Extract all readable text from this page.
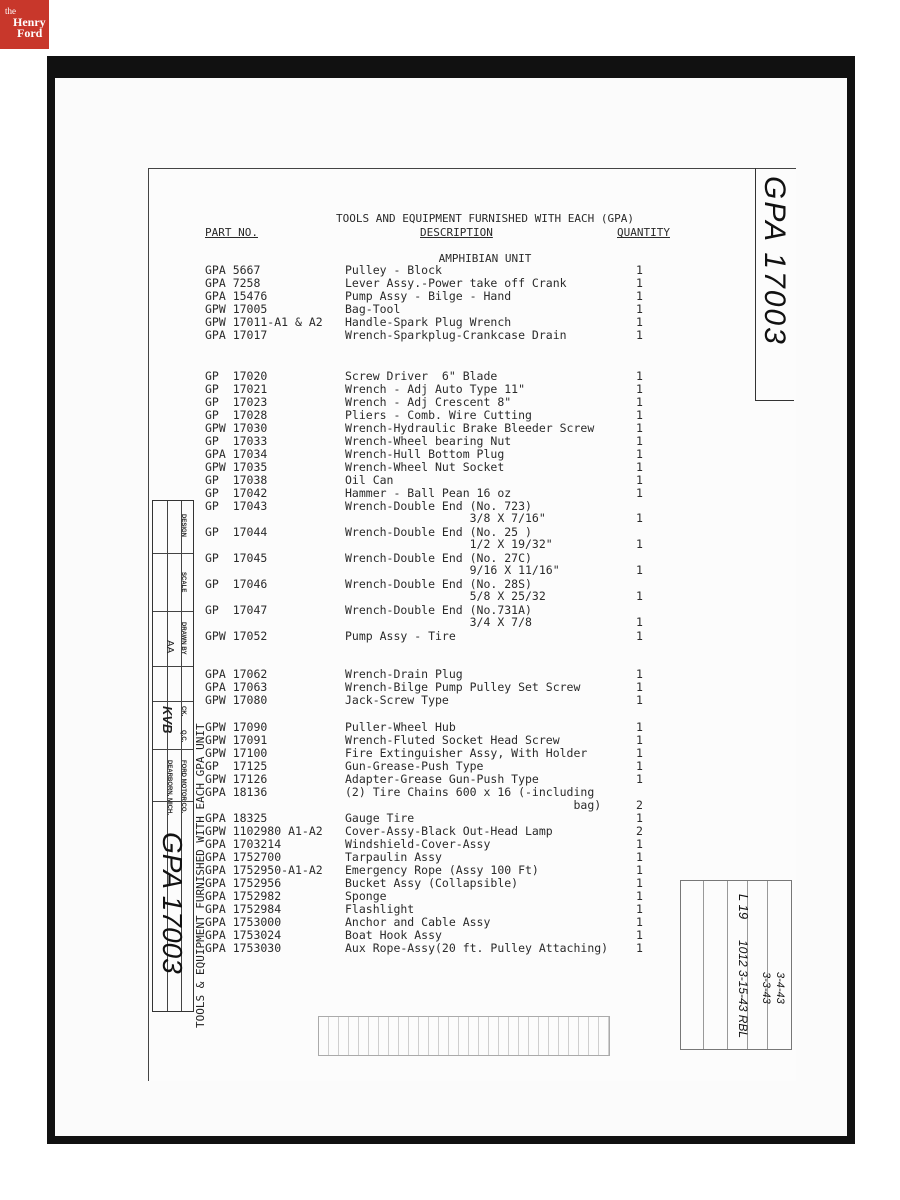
the
Henry
Ford

TOOLS AND EQUIPMENT FURNISHED WITH EACH (GPA)

AMPHIBIAN UNIT

PART NO.	DESCRIPTION	QUANTITY	GPA 17003
GPA 5667	Pulley - Block	1
GPA 7258	Lever Assy.-Power take off Crank	1
GPA 15476	Pump Assy - Bilge - Hand	1
GPW 17005	Bag-Tool	1
GPW 17011-A1 & A2 Handle-Spark Plug Wrench	1
GPA 17017	Wrench-Sparkplug-Crankcase Drain	1
GP  17020	Screw Driver  6" Blade	1
GP  17021	Wrench - Adj Auto Type 11"	1
GP  17023	Wrench - Adj Crescent 8"	1
GP  17028	Pliers - Comb. Wire Cutting	1
GPW 17030	Wrench-Hydraulic Brake Bleeder Screw	1
GP  17033	Wrench-Wheel bearing Nut	1
GPA 17034	Wrench-Hull Bottom Plug	1
GPW 17035	Wrench-Wheel Nut Socket	1
GP  17038	Oil Can	1
GP  17042	Hammer - Ball Pean 16 oz	1
GP  17043	Wrench-Double End (No. 723)
3/8 X 7/16"	1
GP  17044	Wrench-Double End (No. 25 )
1/2 X 19/32"	1
GP  17045	Wrench-Double End (No. 27C)
9/16 X 11/16"	1
GP  17046	Wrench-Double End (No. 28S)
5/8 X 25/32	1
GP  17047	Wrench-Double End (No.731A)
3/4 X 7/8	1
GPW 17052	Pump Assy - Tire	1
GPA 17062	Wrench-Drain Plug	1
GPA 17063	Wrench-Bilge Pump Pulley Set Screw	1
GPW 17080	Jack-Screw Type	1
GPW 17090	Puller-Wheel Hub	1
GPW 17091	Wrench-Fluted Socket Head Screw	1
GPW 17100	Fire Extinguisher Assy, With Holder	1
GP  17125	Gun-Grease-Push Type	1
GPW 17126	Adapter-Grease Gun-Push Type	1
GPA 18136	(2) Tire Chains 600 x 16 (-including
bag)	2
GPA 18325	Gauge Tire	1
GPW 1102980 A1-A2 Cover-Assy-Black Out-Head Lamp	2
GPA 1703214	Windshield-Cover-Assy	1
GPA 1752700	Tarpaulin Assy	1
GPA 1752950-A1-A2 Emergency Rope (Assy 100 Ft)	1
GPA 1752956	Bucket Assy (Collapsible)	1
GPA 1752982	Sponge	1
GPA 1752984	Flashlight	1
GPA 1753000	Anchor and Cable Assy	1
GPA 1753024	Boat Hook Assy	1
GPA 1753030	Aux Rope-Assy(20 ft. Pulley Attaching) 1
DESIGN
SCALE
DRAWN BY
AA
CK.
Q.C.
KVB
FORD MOTOR CO.
DEARBORN, MICH.
GPA 17003 TOOLS & EQUIPMENT FURNISHED WITH EACH GPA UNIT	L 19
1012 3-15-43 RBL 3-3-43 3-4-43
